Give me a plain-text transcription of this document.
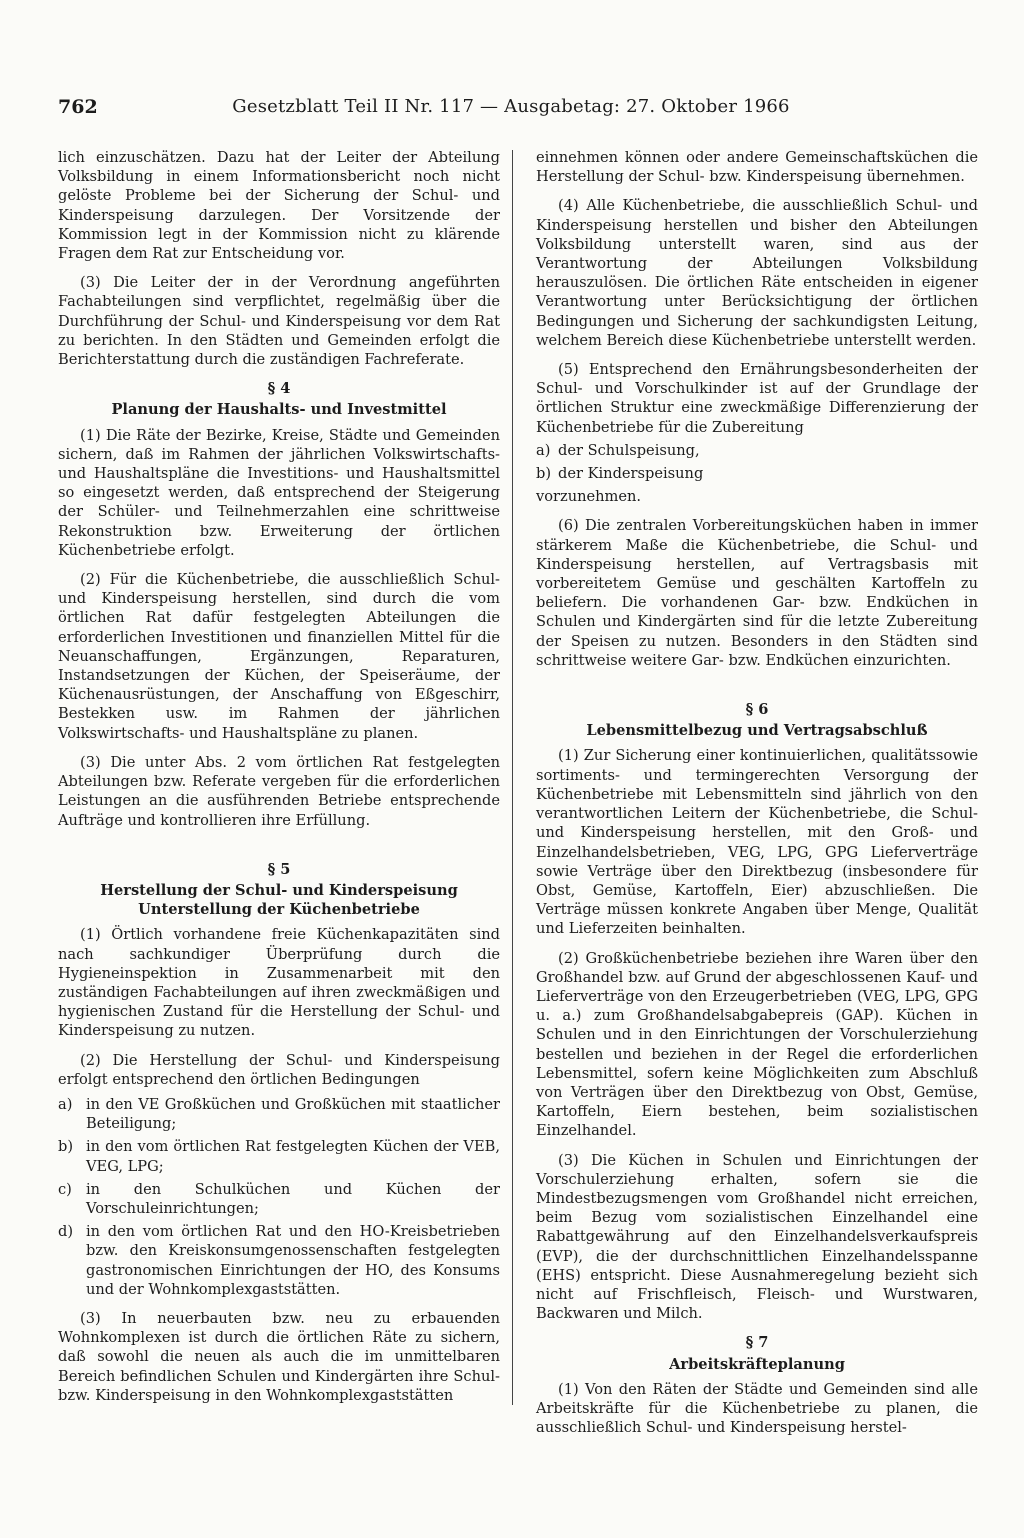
762	Gesetzblatt Teil II Nr. 117 — Ausgabetag: 27. Oktober 1966

lich einzuschätzen. Dazu hat der Leiter der Abteilung Volksbildung in einem Informationsbericht noch nicht gelöste Probleme bei der Sicherung der Schul- und Kinderspeisung darzulegen. Der Vorsitzende der Kommission legt in der Kommission nicht zu klärende Fragen dem Rat zur Entscheidung vor.

(3) Die Leiter der in der Verordnung angeführten Fachabteilungen sind verpflichtet, regelmäßig über die Durchführung der Schul- und Kinderspeisung vor dem Rat zu berichten. In den Städten und Gemeinden erfolgt die Berichterstattung durch die zuständigen Fachreferate.

§ 4
Planung der Haushalts- und Investmittel

(1) Die Räte der Bezirke, Kreise, Städte und Gemeinden sichern, daß im Rahmen der jährlichen Volkswirtschafts- und Haushaltspläne die Investitions- und Haushaltsmittel so eingesetzt werden, daß entsprechend der Steigerung der Schüler- und Teilnehmerzahlen eine schrittweise Rekonstruktion bzw. Erweiterung der örtlichen Küchenbetriebe erfolgt.

(2) Für die Küchenbetriebe, die ausschließlich Schul- und Kinderspeisung herstellen, sind durch die vom örtlichen Rat dafür festgelegten Abteilungen die erforderlichen Investitionen und finanziellen Mittel für die Neuanschaffungen, Ergänzungen, Reparaturen, Instandsetzungen der Küchen, der Speiseräume, der Küchenausrüstungen, der Anschaffung von Eßgeschirr, Bestekken usw. im Rahmen der jährlichen Volkswirtschafts- und Haushaltspläne zu planen.

(3) Die unter Abs. 2 vom örtlichen Rat festgelegten Abteilungen bzw. Referate vergeben für die erforderlichen Leistungen an die ausführenden Betriebe entsprechende Aufträge und kontrollieren ihre Erfüllung.

§ 5
Herstellung der Schul- und Kinderspeisung
Unterstellung der Küchenbetriebe

(1) Örtlich vorhandene freie Küchenkapazitäten sind nach sachkundiger Überprüfung durch die Hygieneinspektion in Zusammenarbeit mit den zuständigen Fachabteilungen auf ihren zweckmäßigen und hygienischen Zustand für die Herstellung der Schul- und Kinderspeisung zu nutzen.

(2) Die Herstellung der Schul- und Kinderspeisung erfolgt entsprechend den örtlichen Bedingungen

a) in den VE Großküchen und Großküchen mit staatlicher Beteiligung;
b) in den vom örtlichen Rat festgelegten Küchen der VEB, VEG, LPG;
c) in den Schulküchen und Küchen der Vorschuleinrichtungen;
d) in den vom örtlichen Rat und den HO-Kreisbetrieben bzw. den Kreiskonsumgenossenschaften festgelegten gastronomischen Einrichtungen der HO, des Konsums und der Wohnkomplexgaststätten.

(3) In neuerbauten bzw. neu zu erbauenden Wohnkomplexen ist durch die örtlichen Räte zu sichern, daß sowohl die neuen als auch die im unmittelbaren Bereich befindlichen Schulen und Kindergärten ihre Schul- bzw. Kinderspeisung in den Wohnkomplexgaststätten

einnehmen können oder andere Gemeinschaftsküchen die Herstellung der Schul- bzw. Kinderspeisung übernehmen.

(4) Alle Küchenbetriebe, die ausschließlich Schul- und Kinderspeisung herstellen und bisher den Abteilungen Volksbildung unterstellt waren, sind aus der Verantwortung der Abteilungen Volksbildung herauszulösen. Die örtlichen Räte entscheiden in eigener Verantwortung unter Berücksichtigung der örtlichen Bedingungen und Sicherung der sachkundigsten Leitung, welchem Bereich diese Küchenbetriebe unterstellt werden.

(5) Entsprechend den Ernährungsbesonderheiten der Schul- und Vorschulkinder ist auf der Grundlage der örtlichen Struktur eine zweckmäßige Differenzierung der Küchenbetriebe für die Zubereitung

a) der Schulspeisung,
b) der Kinderspeisung

vorzunehmen.

(6) Die zentralen Vorbereitungsküchen haben in immer stärkerem Maße die Küchenbetriebe, die Schul- und Kinderspeisung herstellen, auf Vertragsbasis mit vorbereitetem Gemüse und geschälten Kartoffeln zu beliefern. Die vorhandenen Gar- bzw. Endküchen in Schulen und Kindergärten sind für die letzte Zubereitung der Speisen zu nutzen. Besonders in den Städten sind schrittweise weitere Gar- bzw. Endküchen einzurichten.

§ 6
Lebensmittelbezug und Vertragsabschluß

(1) Zur Sicherung einer kontinuierlichen, qualitätssowie sortiments- und termingerechten Versorgung der Küchenbetriebe mit Lebensmitteln sind jährlich von den verantwortlichen Leitern der Küchenbetriebe, die Schul- und Kinderspeisung herstellen, mit den Groß- und Einzelhandelsbetrieben, VEG, LPG, GPG Lieferverträge sowie Verträge über den Direktbezug (insbesondere für Obst, Gemüse, Kartoffeln, Eier) abzuschließen. Die Verträge müssen konkrete Angaben über Menge, Qualität und Lieferzeiten beinhalten.

(2) Großküchenbetriebe beziehen ihre Waren über den Großhandel bzw. auf Grund der abgeschlossenen Kauf- und Lieferverträge von den Erzeugerbetrieben (VEG, LPG, GPG u. a.) zum Großhandelsabgabepreis (GAP). Küchen in Schulen und in den Einrichtungen der Vorschulerziehung bestellen und beziehen in der Regel die erforderlichen Lebensmittel, sofern keine Möglichkeiten zum Abschluß von Verträgen über den Direktbezug von Obst, Gemüse, Kartoffeln, Eiern bestehen, beim sozialistischen Einzelhandel.

(3) Die Küchen in Schulen und Einrichtungen der Vorschulerziehung erhalten, sofern sie die Mindestbezugsmengen vom Großhandel nicht erreichen, beim Bezug vom sozialistischen Einzelhandel eine Rabattgewährung auf den Einzelhandelsverkaufspreis (EVP), die der durchschnittlichen Einzelhandelsspanne (EHS) entspricht. Diese Ausnahmeregelung bezieht sich nicht auf Frischfleisch, Fleisch- und Wurstwaren, Backwaren und Milch.

§ 7
Arbeitskräfteplanung

(1) Von den Räten der Städte und Gemeinden sind alle Arbeitskräfte für die Küchenbetriebe zu planen, die ausschließlich Schul- und Kinderspeisung herstel-
